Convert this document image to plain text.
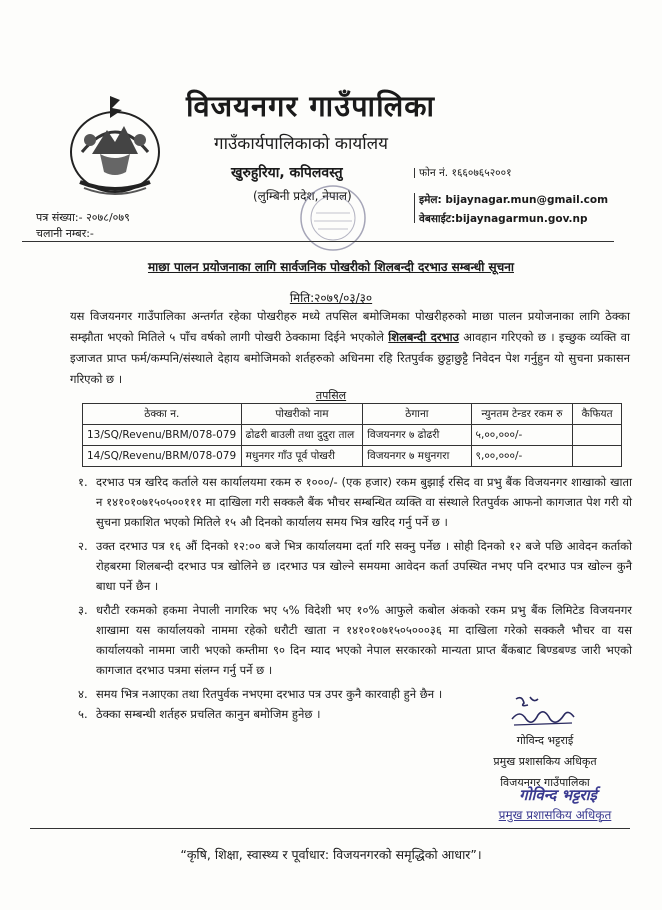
विजयनगर गाउँपालिका
गाउँकार्यपालिकाको कार्यालय
खुरुहुरिया, कपिलवस्तु
(लुम्बिनी प्रदेश, नेपाल)
फोन नं. १६६०७६५२००१
इमेल: bijaynagar.mun@gmail.com
वेबसाईट:bijaynagarmun.gov.np
पत्र संख्या:- २०७८/०७९
चलानी नम्बर:-
माछा पालन प्रयोजनाका लागि सार्वजनिक पोखरीको शिलबन्दी दरभाउ सम्बन्धी सूचना
मिति:२०७९/०३/३०
यस विजयनगर गाउँपालिका अन्तर्गत रहेका पोखरीहरु मध्ये तपसिल बमोजिमका पोखरीहरुको माछा पालन प्रयोजनाका लागि ठेक्का सम्झौता भएको मितिले ५ पाँच वर्षको लागी पोखरी ठेक्कामा दिईने भएकोले शिलबन्दी दरभाउ आवहान गरिएको छ । इच्छुक व्यक्ति वा इजाजत प्राप्त फर्म/कम्पनि/संस्थाले देहाय बमोजिमको शर्तहरुको अधिनमा रहि रितपुर्वक छुट्टाछुट्टै निवेदन पेश गर्नुहुन यो सुचना प्रकासन गरिएको छ ।
तपसिल
ठेक्का न.	पोखरीको नाम	ठेगाना	न्युनतम टेन्डर रकम रु	कैफियत
13/SQ/Revenu/BRM/078-079	ढोढरी बाउली तथा दुदुरा ताल	विजयनगर ७ ढोढरी	५,००,०००/-	
14/SQ/Revenu/BRM/078-079	मधुनगर गाँउ पूर्व पोखरी	विजयनगर ७ मधुनगरा	९,००,०००/-	
१. दरभाउ पत्र खरिद कर्ताले यस कार्यालयमा रकम रु १०००/- (एक हजार) रकम बुझाई रसिद वा प्रभु बैंक विजयनगर शाखाको खाता न १४१०१०७१५०५००१११ मा दाखिला गरी सक्कलै बैंक भौचर सम्बन्धित व्यक्ति वा संस्थाले रितपुर्वक आफनो कागजात पेश गरी यो सुचना प्रकाशित भएको मितिले १५ औ दिनको कार्यालय समय भित्र खरिद गर्नु पर्ने छ ।
२. उक्त दरभाउ पत्र १६ औं दिनको १२:०० बजे भित्र कार्यालयमा दर्ता गरि सक्नु पर्नेछ । सोही दिनको १२ बजे पछि आवेदन कर्ताको रोहबरमा शिलबन्दी दरभाउ पत्र खोलिने छ ।दरभाउ पत्र खोल्ने समयमा आवेदन कर्ता उपस्थित नभए पनि दरभाउ पत्र खोल्न कुनै बाधा पर्ने छैन ।
३. धरौटी रकमको हकमा नेपाली नागरिक भए ५% विदेशी भए १०% आफुले कबोल अंकको रकम प्रभु बैंक लिमिटेड विजयनगर शाखामा यस कार्यालयको नाममा रहेको धरौटी खाता न १४१०१०७१५०५०००३६ मा दाखिला गरेको सक्कलै भौचर वा यस कार्यालयको नाममा जारी भएको कम्तीमा ९० दिन म्याद भएको नेपाल सरकारको मान्यता प्राप्त बैंकबाट बिण्डबण्ड जारी भएको कागजात दरभाउ पत्रमा संलग्न गर्नु पर्ने छ ।
४. समय भित्र नआएका तथा रितपुर्वक नभएमा दरभाउ पत्र उपर कुनै कारवाही हुने छैन ।
५. ठेक्का सम्बन्धी शर्तहरु प्रचलित कानुन बमोजिम हुनेछ ।
गोविन्द भट्टराई
प्रमुख प्रशासकिय अधिकृत
विजयनगर गाउँपालिका
गोविन्द भट्टराई
प्रमुख प्रशासकिय अधिकृत
“कृषि, शिक्षा, स्वास्थ्य र पूर्वाधार: विजयनगरको समृद्धिको आधार”।
